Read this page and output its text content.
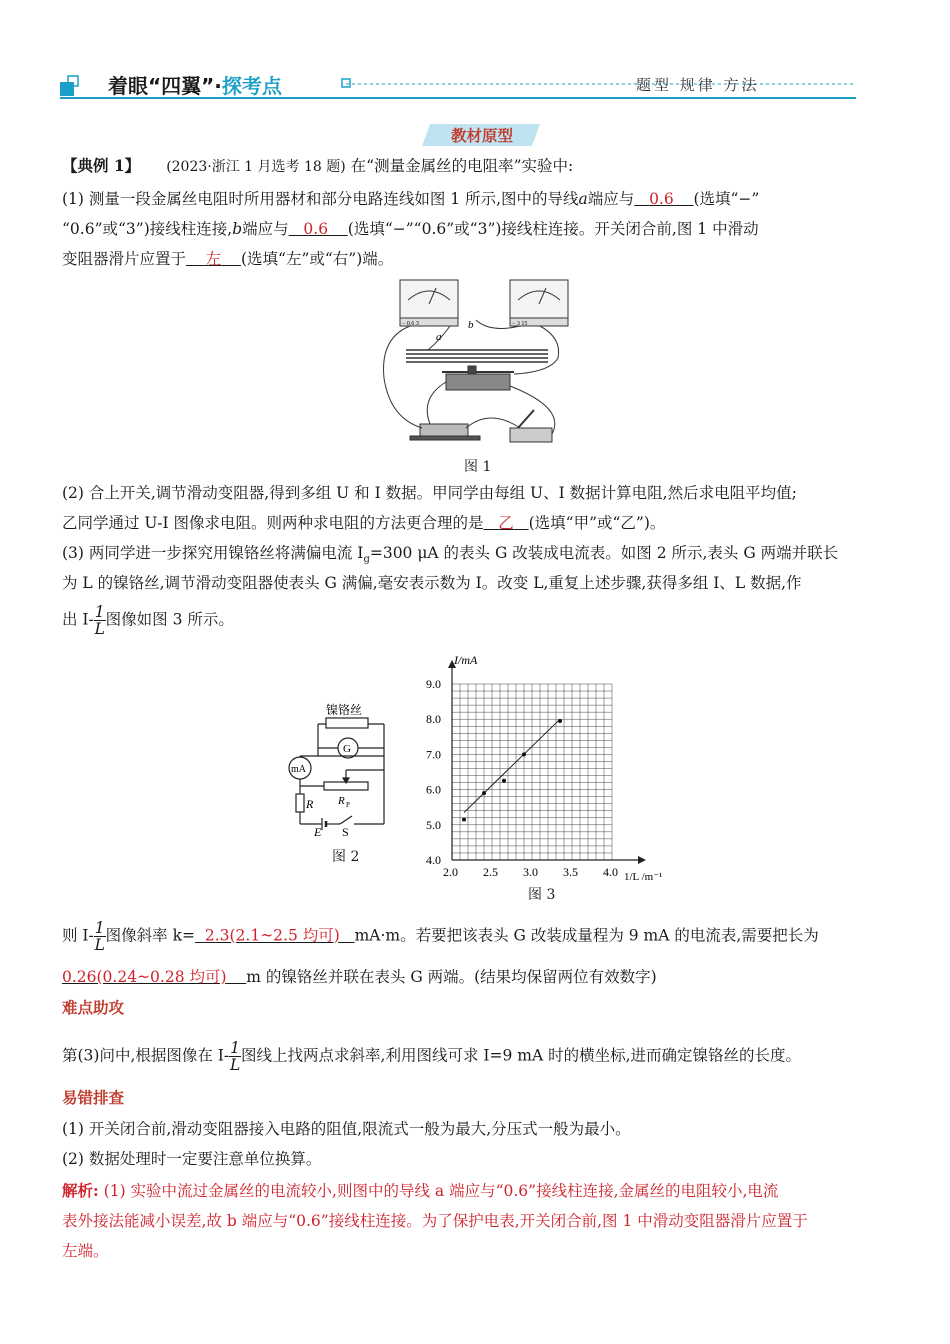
着眼“四翼”·探考点	题型 规律 方法
教材原型
【典例 1】 (2023·浙江 1 月选考 18 题) 在“测量金属丝的电阻率”实验中:
(1) 测量一段金属丝电阻时所用器材和部分电路连线如图 1 所示,图中的导线a端应与 0.6 (选填“−”
“0.6”或“3”)接线柱连接,b端应与 0.6 (选填“−”“0.6”或“3”)接线柱连接。开关闭合前,图 1 中滑动
变阻器滑片应置于 左 (选填“左”或“右”)端。
a
b
− 0.6 3	− 3 15
图 1
(2) 合上开关,调节滑动变阻器,得到多组 U 和 I 数据。甲同学由每组 U、I 数据计算电阻,然后求电阻平均值;
乙同学通过 U-I 图像求电阻。则两种求电阻的方法更合理的是 乙 (选填“甲”或“乙”)。
(3) 两同学进一步探究用镍铬丝将满偏电流 $I_g=300$ μA 的表头 G 改装成电流表。如图 2 所示,表头 G 两端并联长
为 L 的镍铬丝,调节滑动变阻器使表头 G 满偏,毫安表示数为 I。改变 L,重复上述步骤,获得多组 I、L 数据,作
出 $I- \frac{1}{L}$ 图像如图 3 所示。
镍铬丝
G
mA
R R P
E S
图 2
2.0 2.5 3.0 3.5 4.0
4.0
5.0
6.0
7.0
8.0
9.0
I/mA
1/L /m⁻¹
图 3
则 $I- \frac{1}{L}$ 图像斜率 k= 2.3(2.1~2.5 均可) mA·m。若要把该表头 G 改装成量程为 9 mA 的电流表,需要把长为
0.26(0.24~0.28 均可) m 的镍铬丝并联在表头 G 两端。(结果均保留两位有效数字)
难点助攻
第(3)问中,根据图像在 $I- \frac{1}{L}$ 图线上找两点求斜率,利用图线可求 I=9 mA 时的横坐标,进而确定镍铬丝的长度。
易错排查
(1) 开关闭合前,滑动变阻器接入电路的阻值,限流式一般为最大,分压式一般为最小。
(2) 数据处理时一定要注意单位换算。
解析: (1) 实验中流过金属丝的电流较小,则图中的导线 a 端应与“0.6”接线柱连接,金属丝的电阻较小,电流
表外接法能减小误差,故 b 端应与“0.6”接线柱连接。为了保护电表,开关闭合前,图 1 中滑动变阻器滑片应置于
左端。
